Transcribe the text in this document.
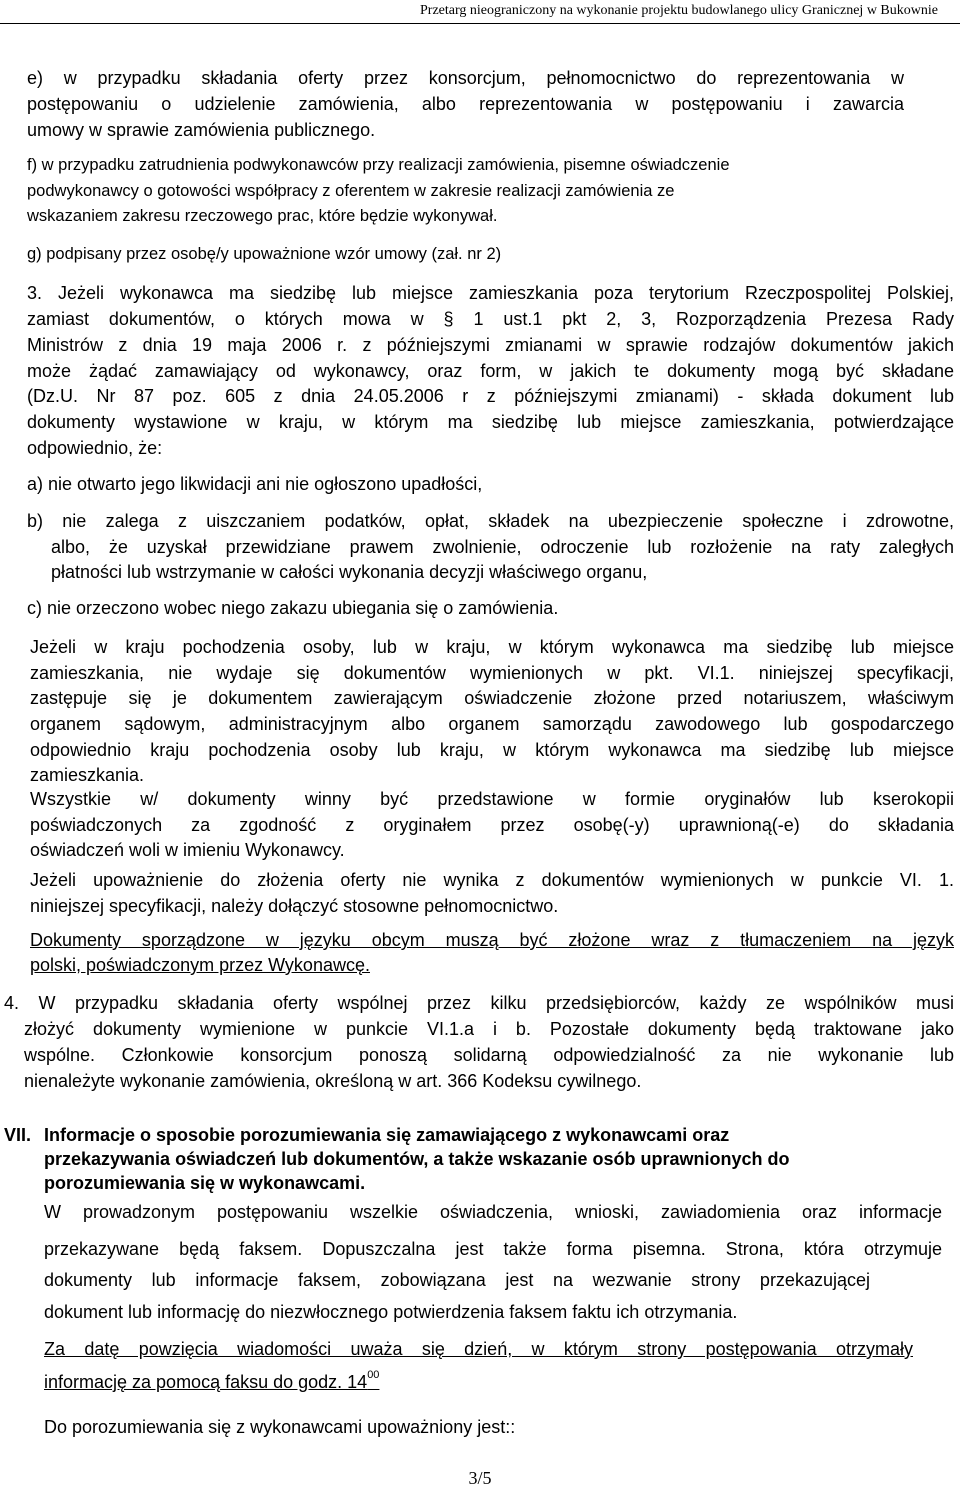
Przetarg nieograniczony na wykonanie projektu budowlanego ulicy Granicznej w Bukownie
e) w przypadku składania oferty przez konsorcjum, pełnomocnictwo do reprezentowania w
postępowaniu o udzielenie zamówienia, albo reprezentowania w postępowaniu i zawarcia
umowy w sprawie zamówienia publicznego.
f) w przypadku zatrudnienia podwykonawców przy realizacji zamówienia, pisemne oświadczenie
podwykonawcy o gotowości współpracy z oferentem w zakresie realizacji zamówienia ze
wskazaniem zakresu rzeczowego prac, które będzie wykonywał.
g) podpisany przez osobę/y upoważnione wzór umowy (zał. nr 2)
3. Jeżeli wykonawca ma siedzibę lub miejsce zamieszkania poza terytorium Rzeczpospolitej Polskiej,
zamiast dokumentów, o których mowa w § 1 ust.1 pkt 2, 3, Rozporządzenia Prezesa Rady
Ministrów z dnia 19 maja 2006 r. z późniejszymi zmianami w sprawie rodzajów dokumentów jakich
może żądać zamawiający od wykonawcy, oraz form, w jakich te dokumenty mogą być składane
(Dz.U. Nr 87 poz. 605 z dnia 24.05.2006 r z późniejszymi zmianami) - składa dokument lub
dokumenty wystawione w kraju, w którym ma siedzibę lub miejsce zamieszkania, potwierdzające
odpowiednio, że:
a) nie otwarto jego likwidacji ani nie ogłoszono upadłości,
b) nie zalega z uiszczaniem podatków, opłat, składek na ubezpieczenie społeczne i zdrowotne,
albo, że uzyskał przewidziane prawem zwolnienie, odroczenie lub rozłożenie na raty zaległych
płatności lub wstrzymanie w całości wykonania decyzji właściwego organu,
c) nie orzeczono wobec niego zakazu ubiegania się o zamówienia.
Jeżeli w kraju pochodzenia osoby, lub w kraju, w którym wykonawca ma siedzibę lub miejsce
zamieszkania, nie wydaje się dokumentów wymienionych w pkt. VI.1. niniejszej specyfikacji,
zastępuje się je dokumentem zawierającym oświadczenie złożone przed notariuszem, właściwym
organem sądowym, administracyjnym albo organem samorządu zawodowego lub gospodarczego
odpowiednio kraju pochodzenia osoby lub kraju, w którym wykonawca ma siedzibę lub miejsce
zamieszkania.
Wszystkie w/ dokumenty winny być przedstawione w formie oryginałów lub kserokopii
poświadczonych za zgodność z oryginałem przez osobę(-y) uprawnioną(-e) do składania
oświadczeń woli w imieniu Wykonawcy.
Jeżeli upoważnienie do złożenia oferty nie wynika z dokumentów wymienionych w punkcie VI. 1.
niniejszej specyfikacji, należy dołączyć stosowne pełnomocnictwo.
Dokumenty sporządzone w języku obcym muszą być złożone wraz z tłumaczeniem na język
polski, poświadczonym przez Wykonawcę.
4. W przypadku składania oferty wspólnej przez kilku przedsiębiorców, każdy ze wspólników musi
złożyć dokumenty wymienione w punkcie VI.1.a i b. Pozostałe dokumenty będą traktowane jako
wspólne. Członkowie konsorcjum ponoszą solidarną odpowiedzialność za nie wykonanie lub
nienależyte wykonanie zamówienia, określoną w art. 366 Kodeksu cywilnego.
VII. Informacje o sposobie porozumiewania się zamawiającego z wykonawcami oraz
przekazywania oświadczeń lub dokumentów, a także wskazanie osób uprawnionych do
porozumiewania się w wykonawcami.
W prowadzonym postępowaniu wszelkie oświadczenia, wnioski, zawiadomienia oraz informacje
przekazywane będą faksem. Dopuszczalna jest także forma pisemna. Strona, która otrzymuje
dokumenty lub informacje faksem, zobowiązana jest na wezwanie strony przekazującej
dokument lub informację do niezwłocznego potwierdzenia faksem faktu ich otrzymania.
Za datę powzięcia wiadomości uważa się dzień, w którym strony postępowania otrzymały
informację za pomocą faksu do godz. $14^{00}$
Do porozumiewania się z wykonawcami upoważniony jest::
3/5
